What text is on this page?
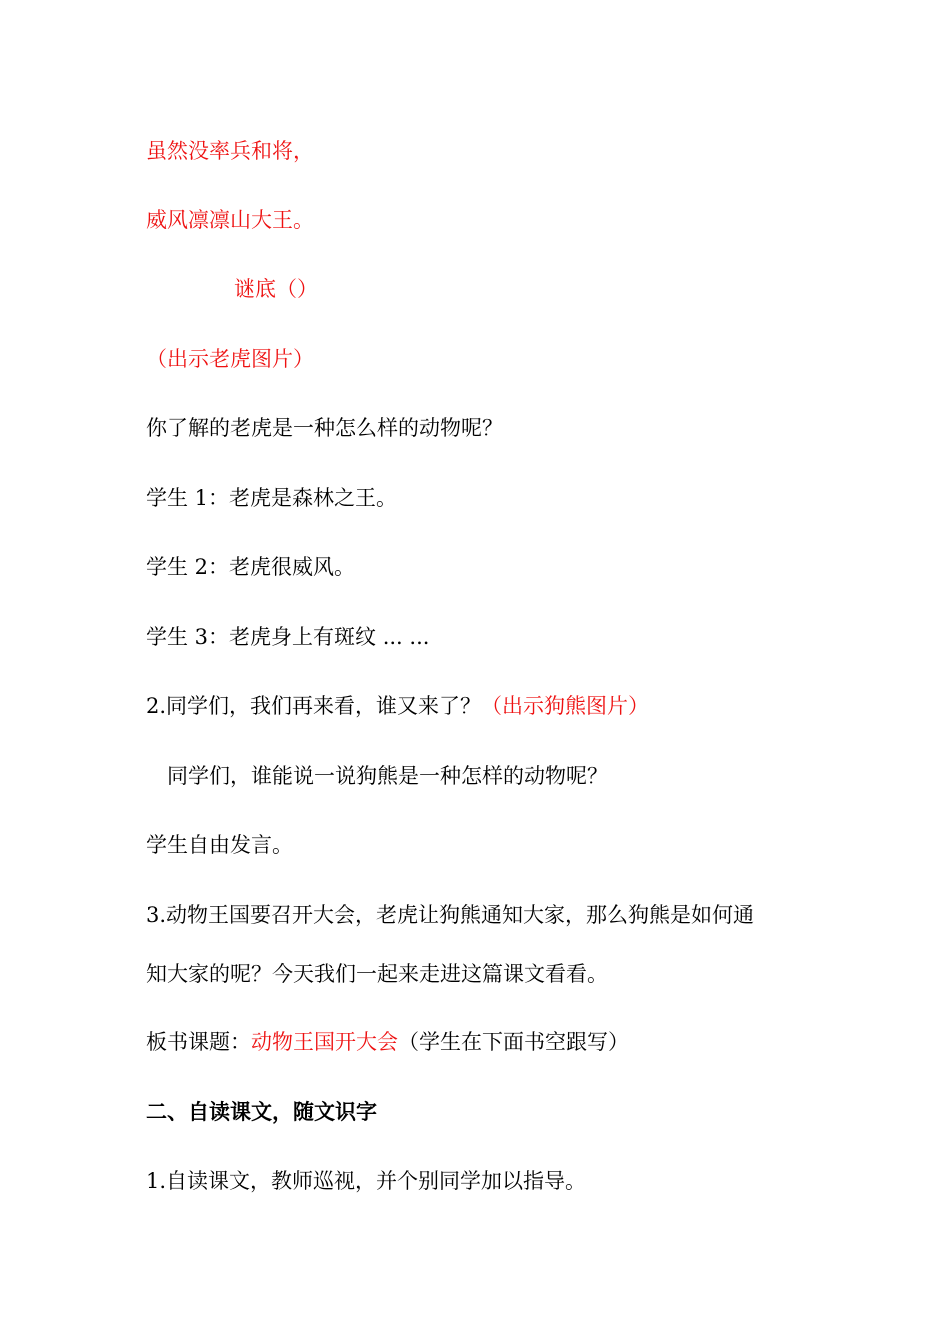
虽然没率兵和将，
威风凛凛山大王。
谜底（）
（出示老虎图片）
你了解的老虎是一种怎么样的动物呢？
学生 1：老虎是森林之王。
学生 2：老虎很威风。
学生 3：老虎身上有斑纹 ... ...
2.同学们，我们再来看，谁又来了？（出示狗熊图片）
同学们，谁能说一说狗熊是一种怎样的动物呢？
学生自由发言。
3.动物王国要召开大会，老虎让狗熊通知大家，那么狗熊是如何通
知大家的呢？今天我们一起来走进这篇课文看看。
板书课题：动物王国开大会（学生在下面书空跟写）
二、自读课文，随文识字
1.自读课文，教师巡视，并个别同学加以指导。
